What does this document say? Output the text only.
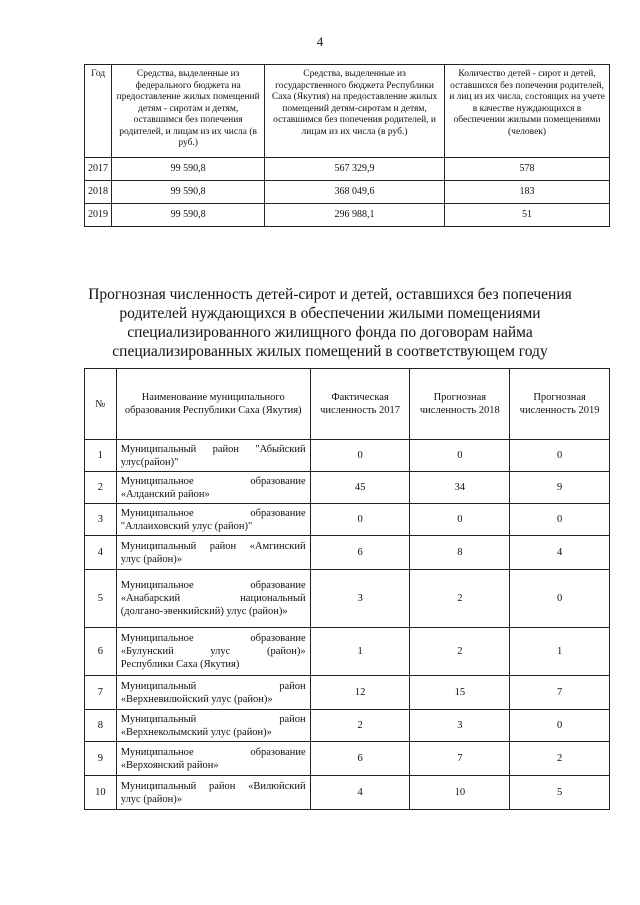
4
Год	Средства, выделенные из федерального бюджета на предоставление жилых помещений детям - сиротам и детям, оставшимся без попечения родителей, и лицам из их числа (в руб.)	Средства, выделенные из государственного бюджета Республики Саха (Якутия) на предоставление жилых помещений детям-сиротам и детям, оставшимся без попечения родителей, и лицам из их числа (в руб.)	Количество детей - сирот и детей, оставшихся без попечения родителей, и лиц из их числа, состоящих на учете в качестве нуждающихся в обеспечении жилыми помещениями (человек)
2017	99 590,8	567 329,9	578
2018	99 590,8	368 049,6	183
2019	99 590,8	296 988,1	51
Прогнозная численность детей-сирот и детей, оставшихся без попечения родителей нуждающихся в обеспечении жилыми помещениями специализированного жилищного фонда по договорам найма специализированных жилых помещений в соответствующем году
№	Наименование муниципального образования Республики Саха (Якутия)	Фактическая численность 2017	Прогнозная численность 2018	Прогнозная численность 2019
1	Муниципальный район "Абыйский
улус(район)"	0	0	0
2	Муниципальное образование
«Алданский район»	45	34	9
3	Муниципальное образование
"Аллаиховский улус (район)"	0	0	0
4	Муниципальный район «Амгинский
улус (район)»	6	8	4
5	Муниципальное образование
«Анабарский национальный
(долгано-эвенкийский) улус (район)»	3	2	0
6	Муниципальное образование
«Булунский улус (район)»
Республики Саха (Якутия)	1	2	1
7	Муниципальный район
«Верхневилюйский улус (район)»	12	15	7
8	Муниципальный район
«Верхнеколымский улус (район)»	2	3	0
9	Муниципальное образование
«Верхоянский район»	6	7	2
10	Муниципальный район «Вилюйский
улус (район)»	4	10	5
